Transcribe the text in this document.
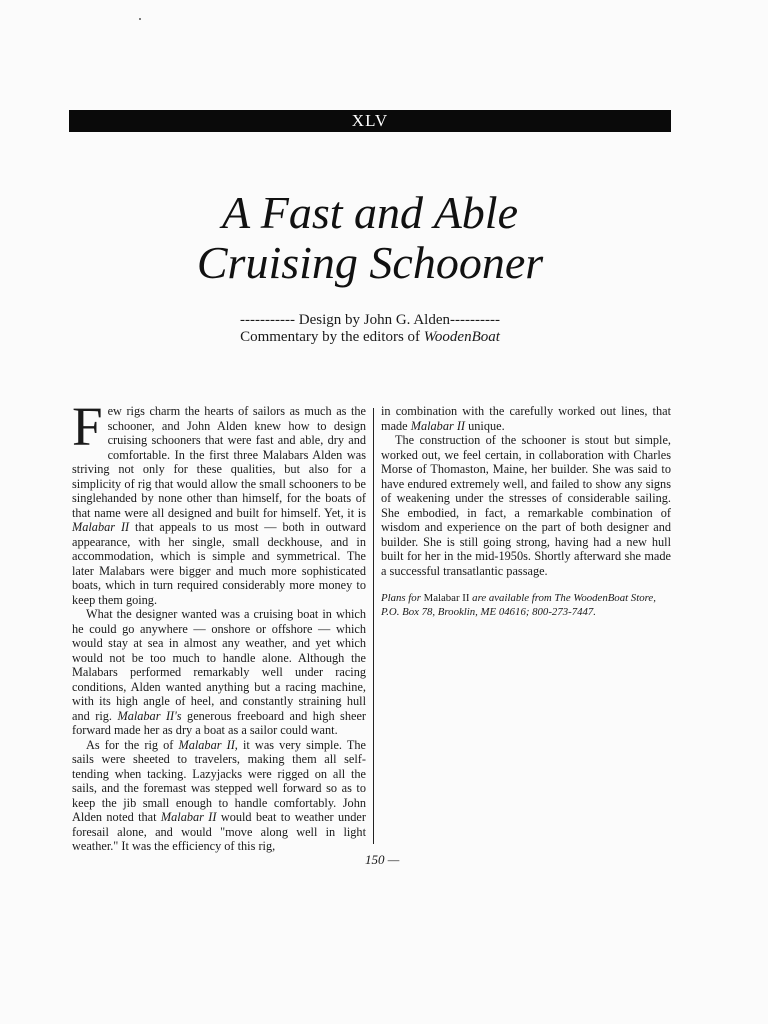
XLV
A Fast and Able
Cruising Schooner
----------- Design by John G. Alden----------
Commentary by the editors of WoodenBoat

Few rigs charm the hearts of sailors as much as the schooner, and John Alden knew how to design cruising schooners that were fast and able, dry and comfortable. In the first three Malabars Alden was striving not only for these qualities, but also for a simplicity of rig that would allow the small schooners to be singlehanded by none other than himself, for the boats of that name were all designed and built for himself. Yet, it is Malabar II that appeals to us most — both in outward appearance, with her single, small deckhouse, and in accommodation, which is simple and symmetrical. The later Malabars were bigger and much more sophisticated boats, which in turn required considerably more money to keep them going.

What the designer wanted was a cruising boat in which he could go anywhere — onshore or offshore — which would stay at sea in almost any weather, and yet which would not be too much to handle alone. Although the Malabars performed remarkably well under racing conditions, Alden wanted anything but a racing machine, with its high angle of heel, and constantly straining hull and rig. Malabar II's generous freeboard and high sheer forward made her as dry a boat as a sailor could want.

As for the rig of Malabar II, it was very simple. The sails were sheeted to travelers, making them all self-tending when tacking. Lazyjacks were rigged on all the sails, and the foremast was stepped well forward so as to keep the jib small enough to handle comfortably. John Alden noted that Malabar II would beat to weather under foresail alone, and would "move along well in light weather." It was the efficiency of this rig,

in combination with the carefully worked out lines, that made Malabar II unique.

The construction of the schooner is stout but simple, worked out, we feel certain, in collaboration with Charles Morse of Thomaston, Maine, her builder. She was said to have endured extremely well, and failed to show any signs of weakening under the stresses of considerable sailing. She embodied, in fact, a remarkable combination of wisdom and experience on the part of both designer and builder. She is still going strong, having had a new hull built for her in the mid-1950s. Shortly afterward she made a successful transatlantic passage.

Plans for Malabar II are available from The WoodenBoat Store, P.O. Box 78, Brooklin, ME 04616; 800-273-7447.

150 —
